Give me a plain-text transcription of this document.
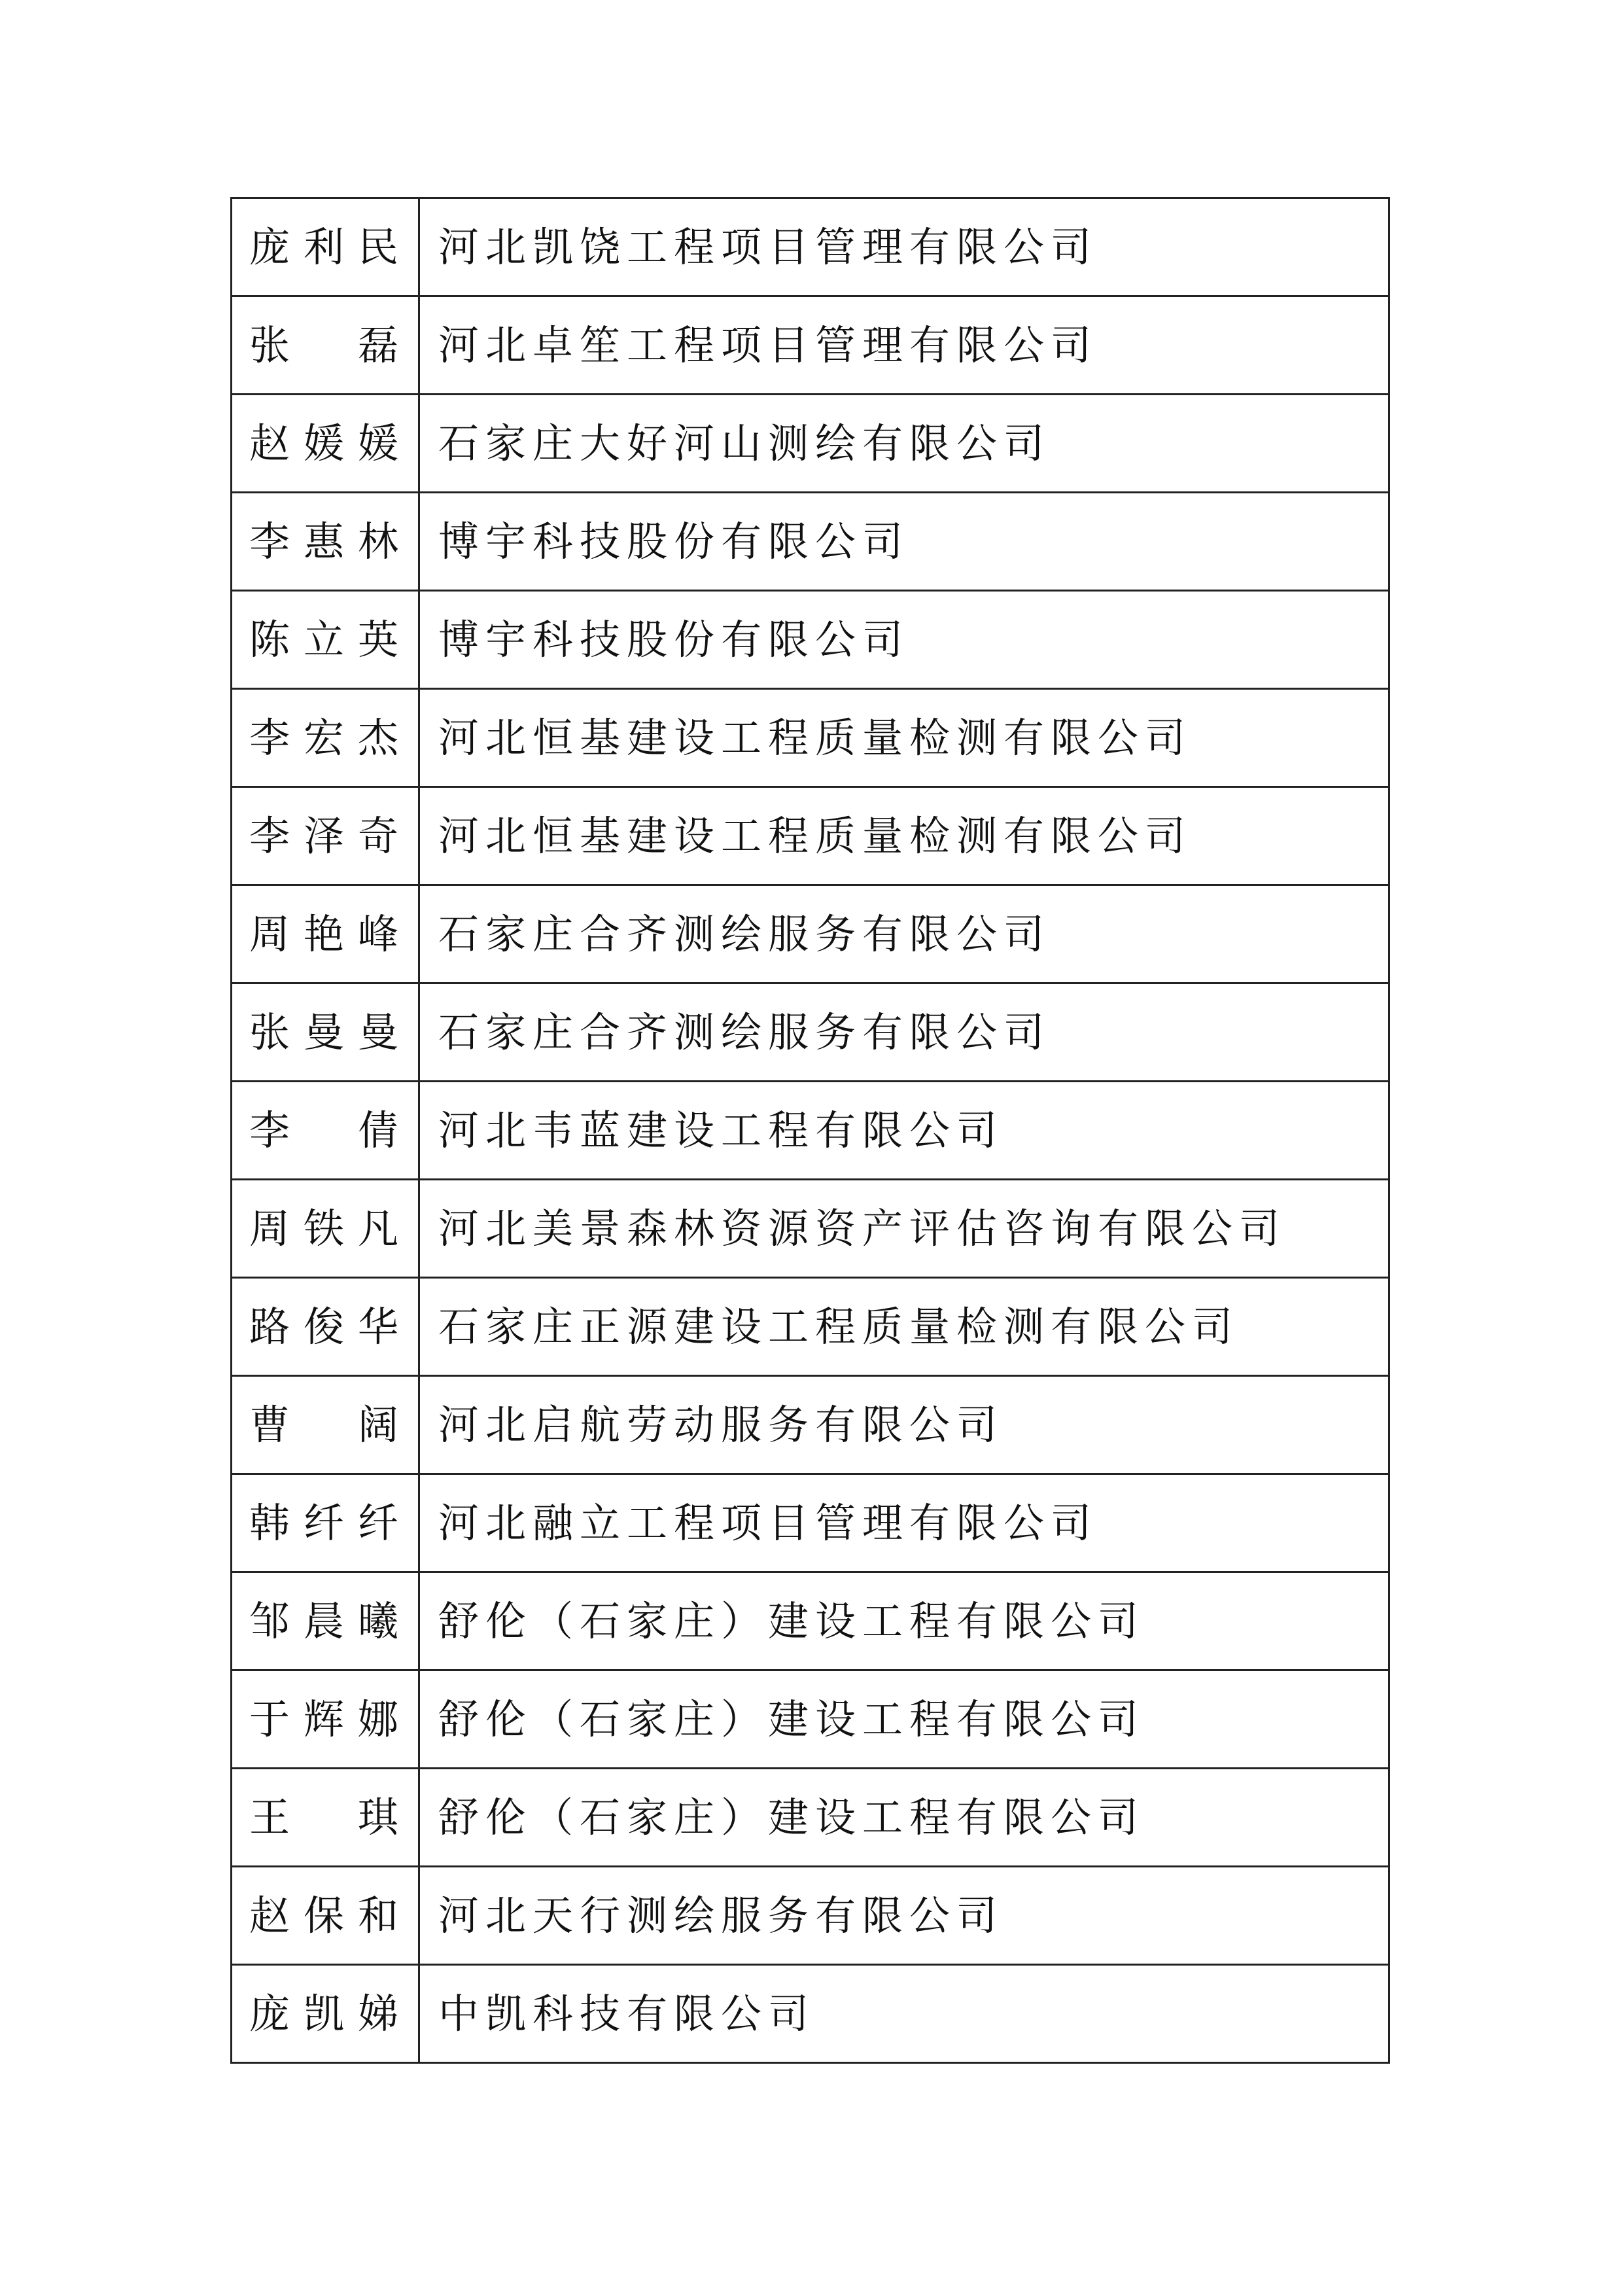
庞利民	河北凯饶工程项目管理有限公司
张　磊	河北卓笙工程项目管理有限公司
赵媛媛	石家庄大好河山测绘有限公司
李惠林	博宇科技股份有限公司
陈立英	博宇科技股份有限公司
李宏杰	河北恒基建设工程质量检测有限公司
李泽奇	河北恒基建设工程质量检测有限公司
周艳峰	石家庄合齐测绘服务有限公司
张曼曼	石家庄合齐测绘服务有限公司
李　倩	河北韦蓝建设工程有限公司
周铁凡	河北美景森林资源资产评估咨询有限公司
路俊华	石家庄正源建设工程质量检测有限公司
曹　阔	河北启航劳动服务有限公司
韩纤纤	河北融立工程项目管理有限公司
邹晨曦	舒伦（石家庄）建设工程有限公司
于辉娜	舒伦（石家庄）建设工程有限公司
王　琪	舒伦（石家庄）建设工程有限公司
赵保和	河北天行测绘服务有限公司
庞凯娣	中凯科技有限公司
